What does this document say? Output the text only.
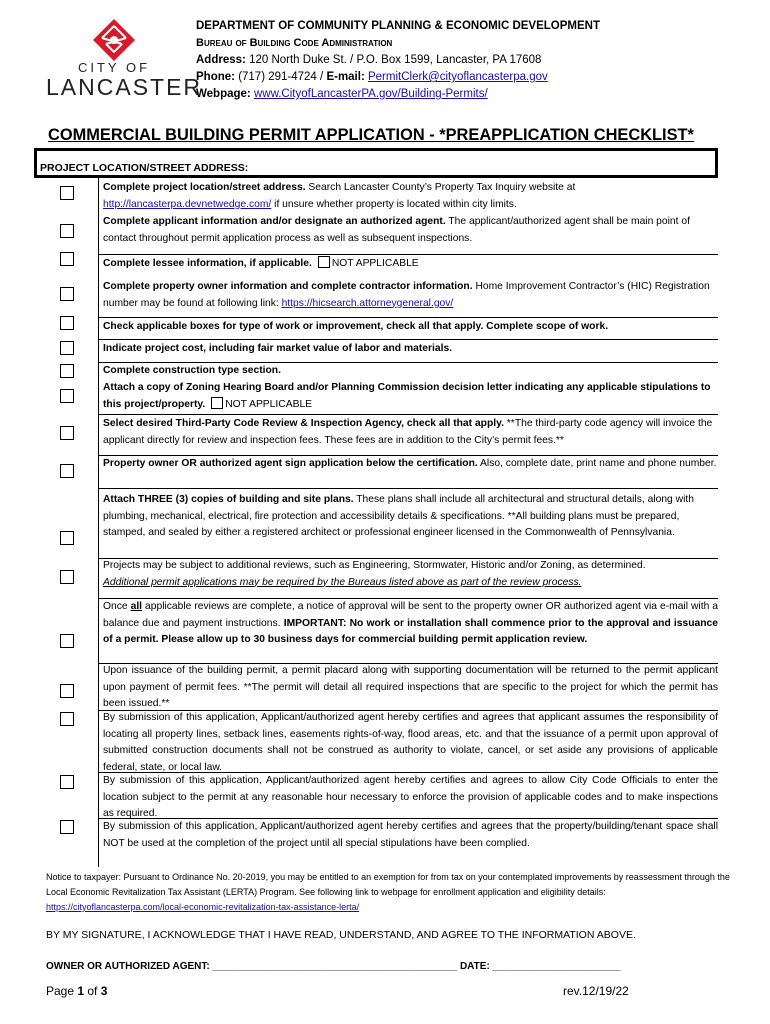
CITY OF
LANCASTER
DEPARTMENT OF COMMUNITY PLANNING & ECONOMIC DEVELOPMENT
Bureau of Building Code Administration
Address: 120 North Duke St. / P.O. Box 1599, Lancaster, PA 17608
Phone: (717) 291-4724 / E-mail: PermitClerk@cityoflancasterpa.gov
Webpage: www.CityofLancasterPA.gov/Building-Permits/
COMMERCIAL BUILDING PERMIT APPLICATION - *PREAPPLICATION CHECKLIST*
PROJECT LOCATION/STREET ADDRESS:
Complete project location/street address. Search Lancaster County’s Property Tax Inquiry website at
http://lancasterpa.devnetwedge.com/ if unsure whether property is located within city limits.
Complete applicant information and/or designate an authorized agent. The applicant/authorized agent shall be main point of contact throughout permit application process as well as subsequent inspections.
Complete lessee information, if applicable. NOT APPLICABLE
Complete property owner information and complete contractor information. Home Improvement Contractor’s (HIC) Registration number may be found at following link: https://hicsearch.attorneygeneral.gov/
Check applicable boxes for type of work or improvement, check all that apply. Complete scope of work.
Indicate project cost, including fair market value of labor and materials.
Complete construction type section.
Attach a copy of Zoning Hearing Board and/or Planning Commission decision letter indicating any applicable stipulations to this project/property. NOT APPLICABLE
Select desired Third-Party Code Review & Inspection Agency, check all that apply. **The third-party code agency will invoice the applicant directly for review and inspection fees. These fees are in addition to the City’s permit fees.**
Property owner OR authorized agent sign application below the certification. Also, complete date, print name and phone number.
Attach THREE (3) copies of building and site plans. These plans shall include all architectural and structural details, along with plumbing, mechanical, electrical, fire protection and accessibility details & specifications. **All building plans must be prepared, stamped, and sealed by either a registered architect or professional engineer licensed in the Commonwealth of Pennsylvania.
Projects may be subject to additional reviews, such as Engineering, Stormwater, Historic and/or Zoning, as determined.
Additional permit applications may be required by the Bureaus listed above as part of the review process.
Once all applicable reviews are complete, a notice of approval will be sent to the property owner OR authorized agent via e-mail with a balance due and payment instructions. IMPORTANT: No work or installation shall commence prior to the approval and issuance of a permit. Please allow up to 30 business days for commercial building permit application review.
Upon issuance of the building permit, a permit placard along with supporting documentation will be returned to the permit applicant upon payment of permit fees. **The permit will detail all required inspections that are specific to the project for which the permit has been issued.**
By submission of this application, Applicant/authorized agent hereby certifies and agrees that applicant assumes the responsibility of locating all property lines, setback lines, easements rights-of-way, flood areas, etc. and that the issuance of a permit upon approval of submitted construction documents shall not be construed as authority to violate, cancel, or set aside any provisions of applicable federal, state, or local law.
By submission of this application, Applicant/authorized agent hereby certifies and agrees to allow City Code Officials to enter the location subject to the permit at any reasonable hour necessary to enforce the provision of applicable codes and to make inspections as required.
By submission of this application, Applicant/authorized agent hereby certifies and agrees that the property/building/tenant space shall NOT be used at the completion of the project until all special stipulations have been complied.
Notice to taxpayer: Pursuant to Ordinance No. 20-2019, you may be entitled to an exemption for from tax on your contemplated improvements by reassessment through the Local Economic Revitalization Tax Assistant (LERTA) Program. See following link to webpage for enrollment application and eligibility details: https://cityoflancasterpa.com/local-economic-revitalization-tax-assistance-lerta/
BY MY SIGNATURE, I ACKNOWLEDGE THAT I HAVE READ, UNDERSTAND, AND AGREE TO THE INFORMATION ABOVE.
OWNER OR AUTHORIZED AGENT: ____________________________________________ DATE: _______________________
Page 1 of 3	rev.12/19/22
